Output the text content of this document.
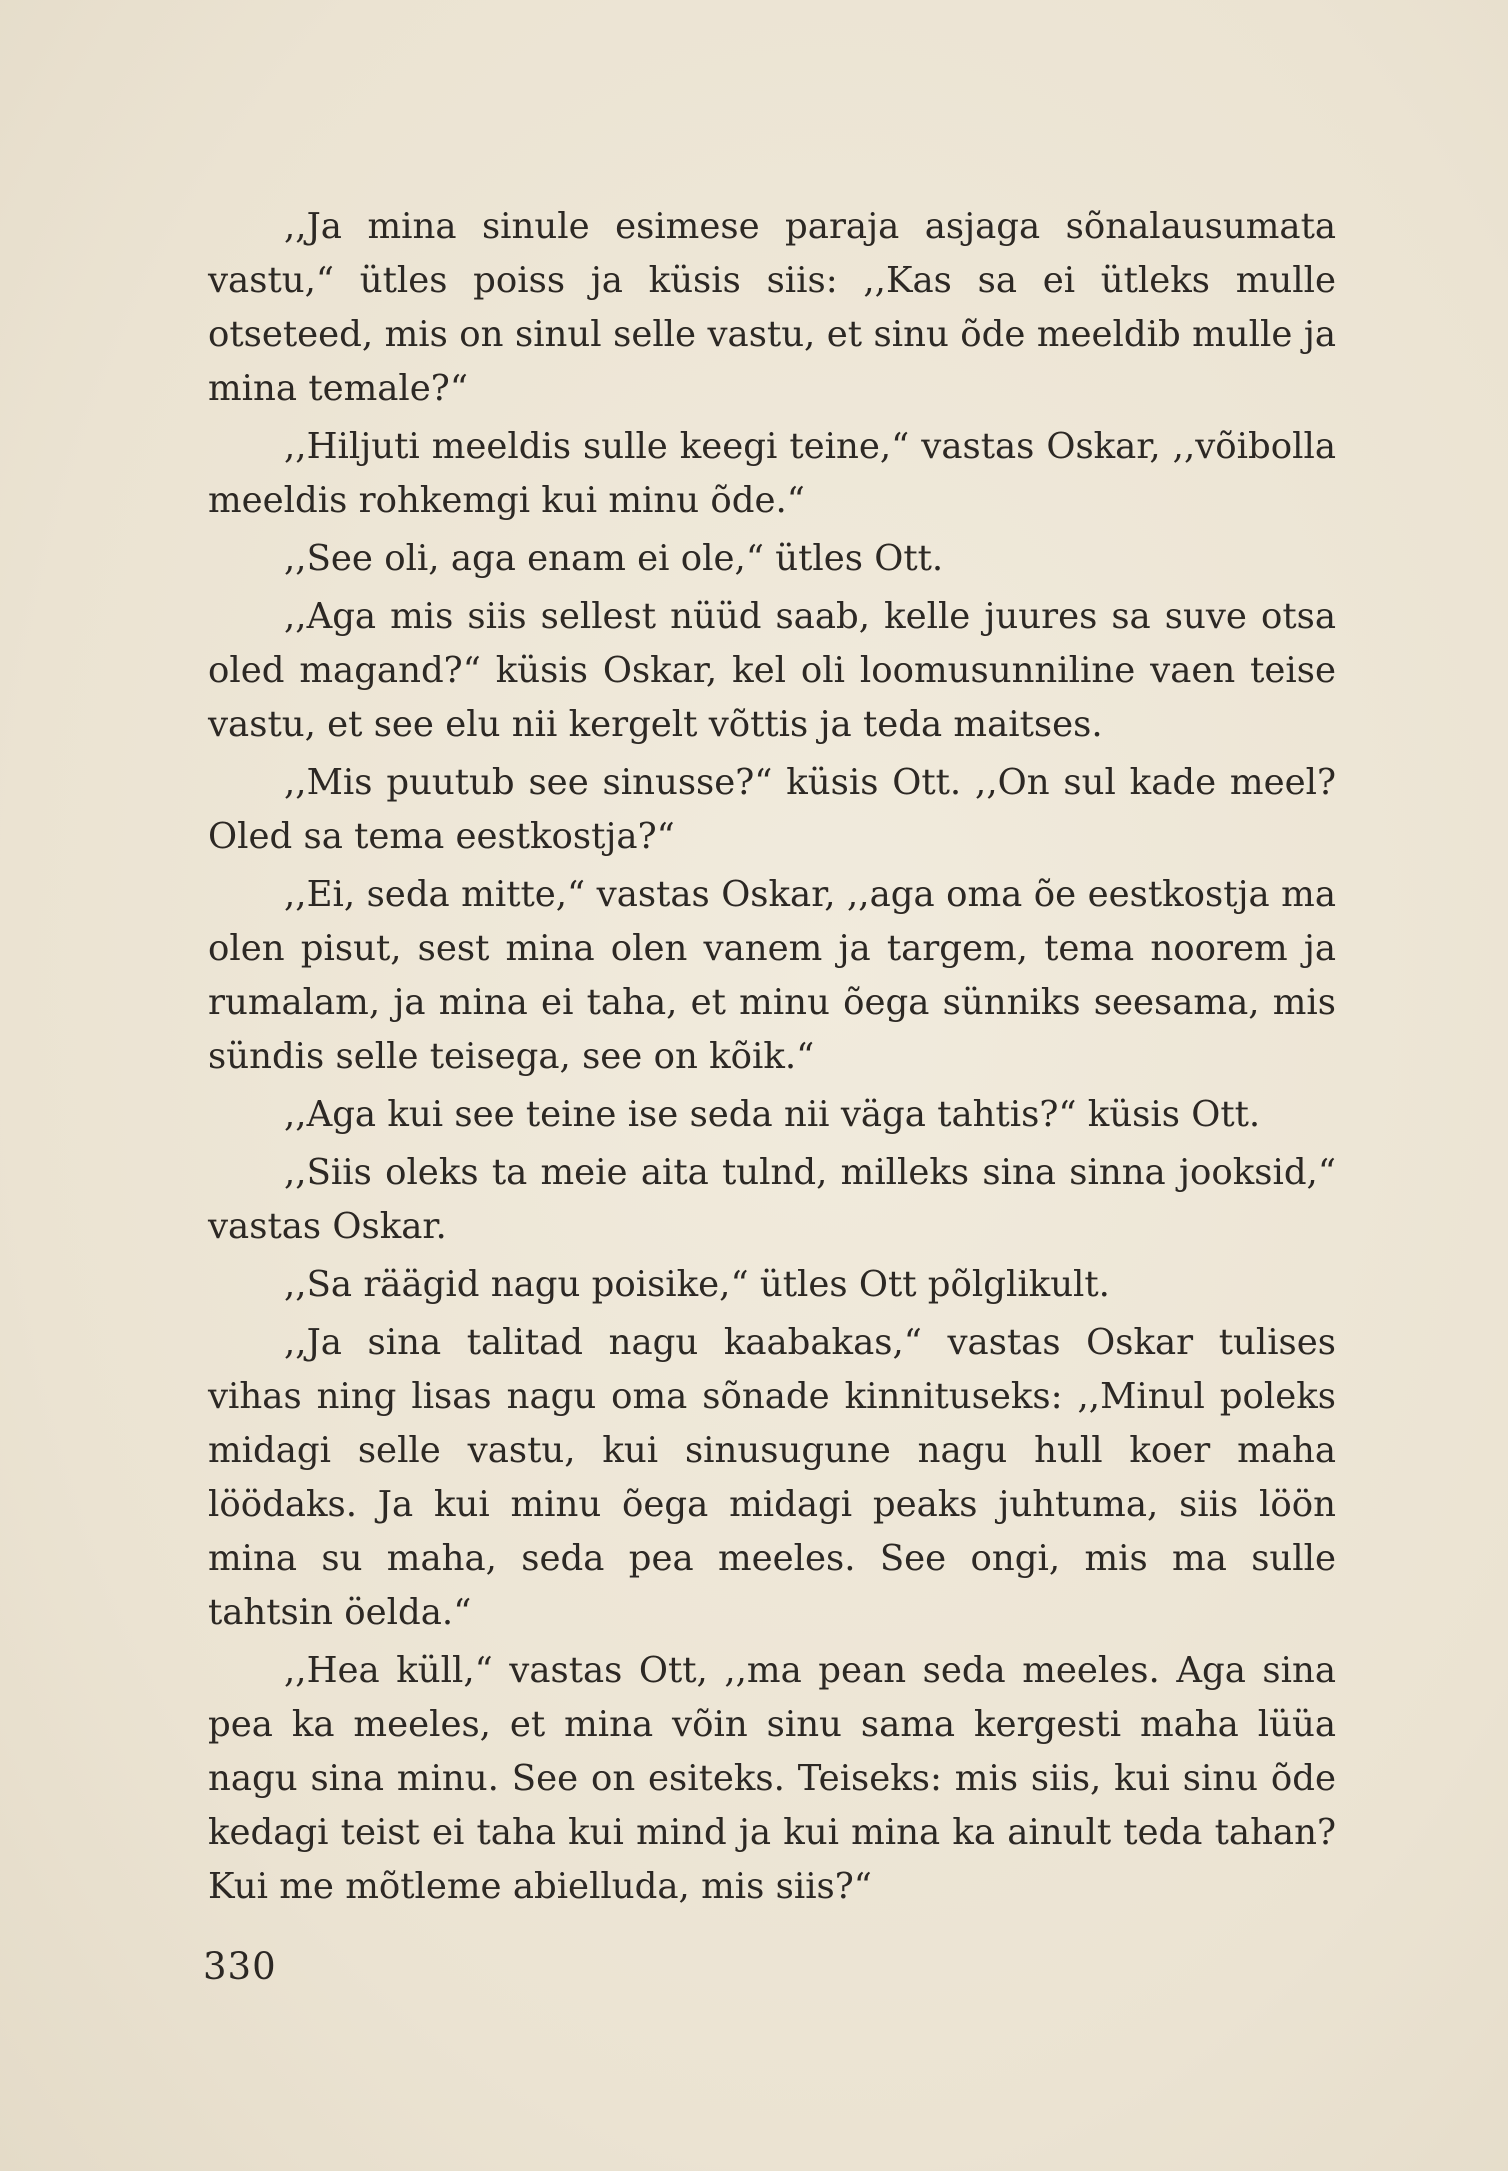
,,Ja mina sinule esimese paraja asjaga sõnalausumata vastu,“ ütles poiss ja küsis siis: ,,Kas sa ei ütleks mulle otseteed, mis on sinul selle vastu, et sinu õde meeldib mulle ja mina temale?“

,,Hiljuti meeldis sulle keegi teine,“ vastas Oskar, ,,võibolla meeldis rohkemgi kui minu õde.“

,,See oli, aga enam ei ole,“ ütles Ott.

,,Aga mis siis sellest nüüd saab, kelle juures sa suve otsa oled magand?“ küsis Oskar, kel oli loomusunniline vaen teise vastu, et see elu nii kergelt võttis ja teda maitses.

,,Mis puutub see sinusse?“ küsis Ott. ,,On sul kade meel? Oled sa tema eestkostja?“

,,Ei, seda mitte,“ vastas Oskar, ,,aga oma õe eestkostja ma olen pisut, sest mina olen vanem ja targem, tema noorem ja rumalam, ja mina ei taha, et minu õega sünniks seesama, mis sündis selle teisega, see on kõik.“

,,Aga kui see teine ise seda nii väga tahtis?“ küsis Ott.

,,Siis oleks ta meie aita tulnd, milleks sina sinna jooksid,“ vastas Oskar.

,,Sa räägid nagu poisike,“ ütles Ott põlglikult.

,,Ja sina talitad nagu kaabakas,“ vastas Oskar tulises vihas ning lisas nagu oma sõnade kinnituseks: ,,Minul poleks midagi selle vastu, kui sinusugune nagu hull koer maha löödaks. Ja kui minu õega midagi peaks juhtuma, siis löön mina su maha, seda pea meeles. See ongi, mis ma sulle tahtsin öelda.“

,,Hea küll,“ vastas Ott, ,,ma pean seda meeles. Aga sina pea ka meeles, et mina võin sinu sama kergesti maha lüüa nagu sina minu. See on esiteks. Teiseks: mis siis, kui sinu õde kedagi teist ei taha kui mind ja kui mina ka ainult teda tahan? Kui me mõtleme abielluda, mis siis?“

330
